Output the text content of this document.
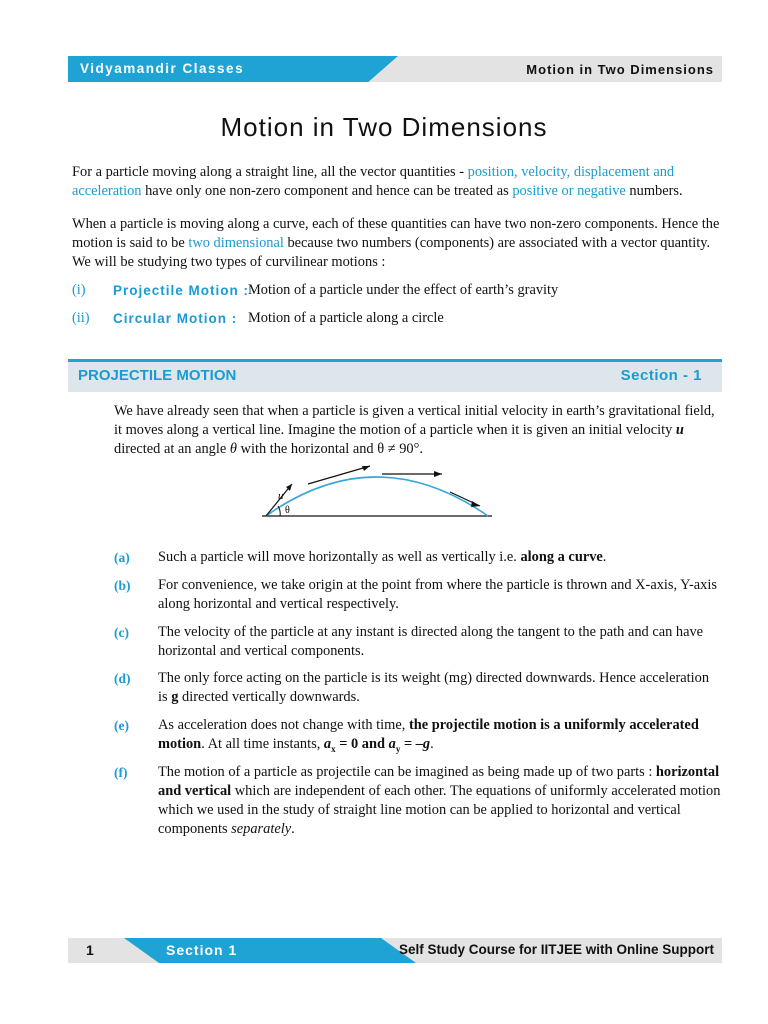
Vidyamandir Classes	Motion in Two Dimensions
Motion in Two Dimensions

For a particle moving along a straight line, all the vector quantities - position, velocity, displacement and acceleration have only one non-zero component and hence can be treated as positive or negative numbers.

When a particle is moving along a curve, each of these quantities can have two non-zero components. Hence the motion is said to be two dimensional because two numbers (components) are associated with a vector quantity. We will be studying two types of curvilinear motions :

(i) Projectile Motion :
Motion of a particle under the effect of earth’s gravity
(ii) Circular Motion : Motion of a particle along a circle
PROJECTILE MOTION	Section - 1

We have already seen that when a particle is given a vertical initial velocity in earth’s gravitational field, it moves along a vertical line. Imagine the motion of a particle when it is given an initial velocity u directed at an angle θ with the horizontal and θ ≠ 90°.

u
θ
(a) Such a particle will move horizontally as well as vertically i.e. along a curve.
(b) For convenience, we take origin at the point from where the particle is thrown and X-axis, Y-axis along horizontal and vertical respectively.
(c) The velocity of the particle at any instant is directed along the tangent to the path and can have horizontal and vertical components.
(d) The only force acting on the particle is its weight (mg) directed downwards. Hence acceleration is g directed vertically downwards.
(e) As acceleration does not change with time, the projectile motion is a uniformly accelerated motion. At all time instants, $a_x = 0$ and $a_y = -g$.
(f) The motion of a particle as projectile can be imagined as being made up of two parts : horizontal and vertical which are independent of each other. The equations of uniformly accelerated motion which we used in the study of straight line motion can be applied to horizontal and vertical components separately.
1	Section 1	Self Study Course for IITJEE with Online Support
